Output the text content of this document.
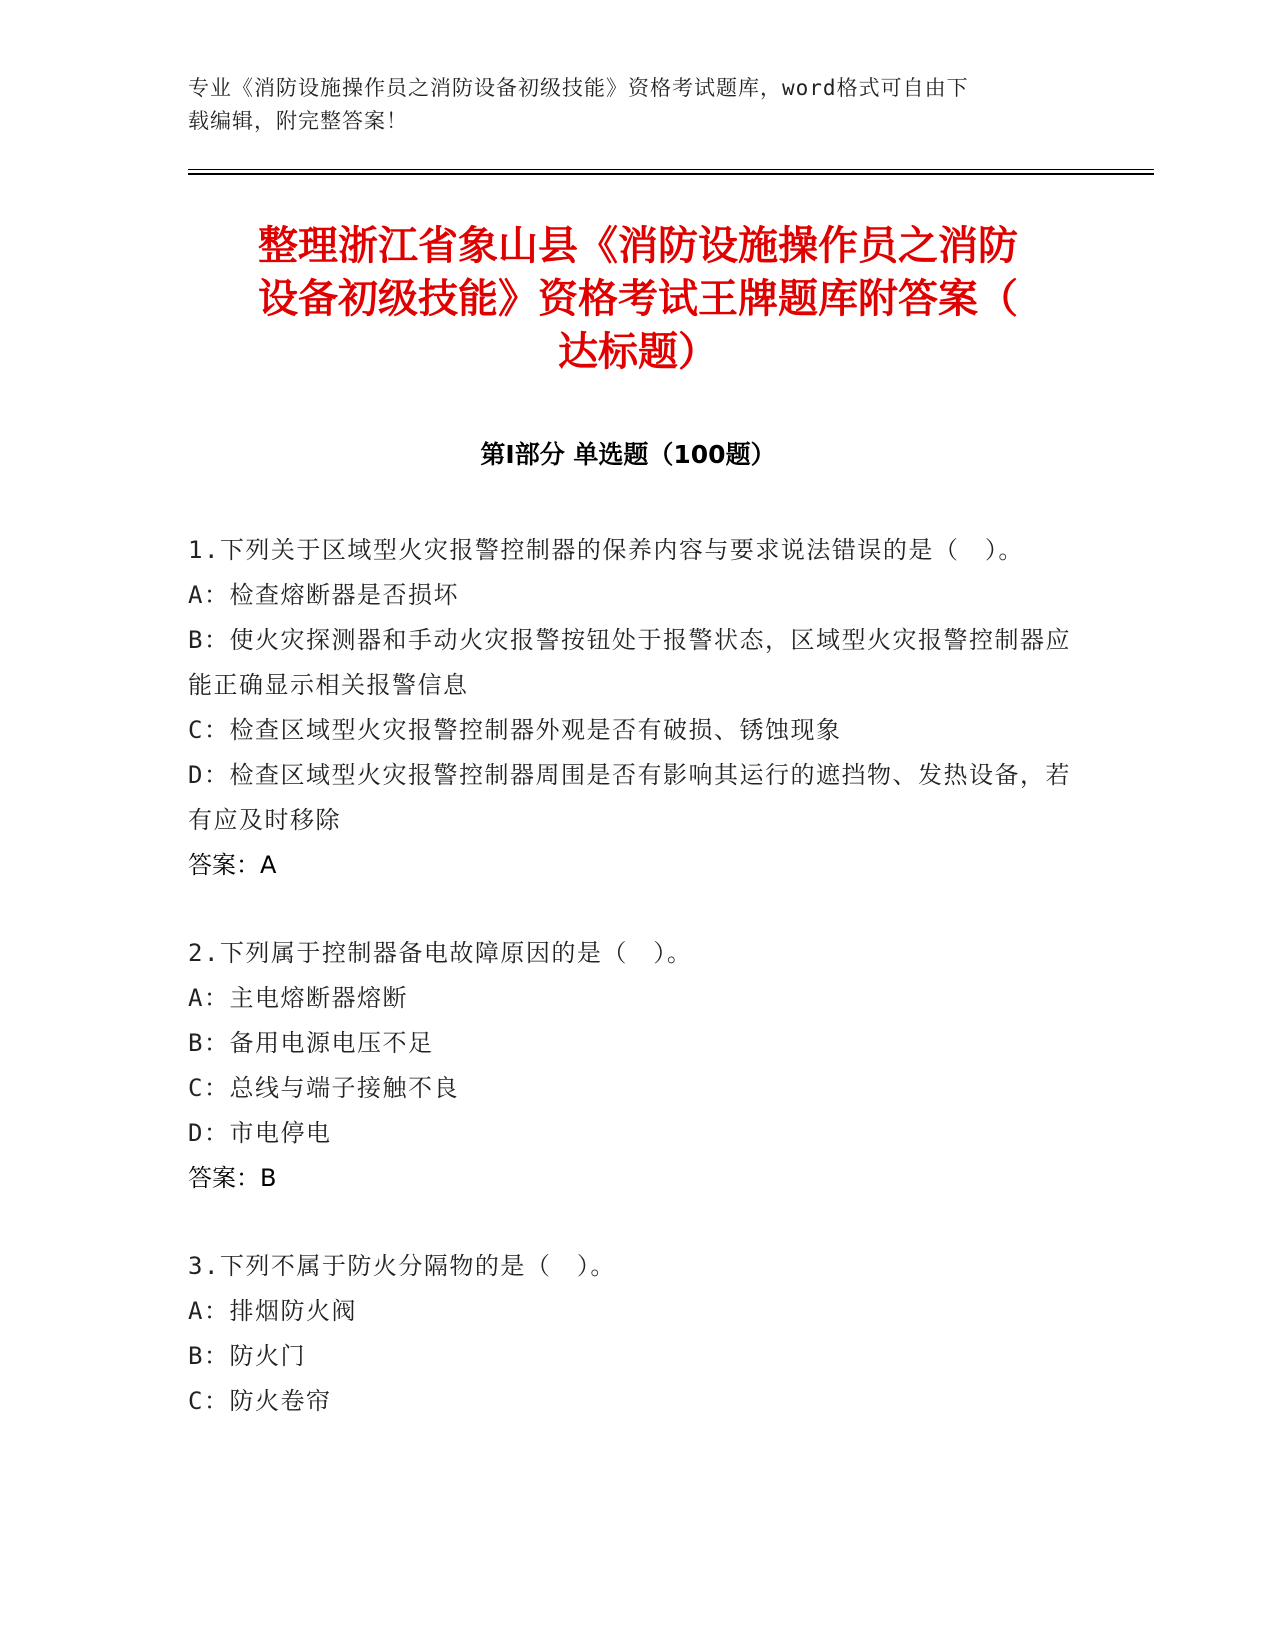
专业《消防设施操作员之消防设备初级技能》资格考试题库，word格式可自由下
载编辑，附完整答案！
整理浙江省象山县《消防设施操作员之消防
设备初级技能》资格考试王牌题库附答案（
达标题）
第Ⅰ部分 单选题（100题）

1.下列关于区域型火灾报警控制器的保养内容与要求说法错误的是（　）。

A：检查熔断器是否损坏

B：使火灾探测器和手动火灾报警按钮处于报警状态，区域型火灾报警控制器应能正确显示相关报警信息

C：检查区域型火灾报警控制器外观是否有破损、锈蚀现象

D：检查区域型火灾报警控制器周围是否有影响其运行的遮挡物、发热设备，若有应及时移除

答案：A

2.下列属于控制器备电故障原因的是（　）。

A：主电熔断器熔断

B：备用电源电压不足

C：总线与端子接触不良

D：市电停电

答案：B

3.下列不属于防火分隔物的是（　）。

A：排烟防火阀

B：防火门

C：防火卷帘
